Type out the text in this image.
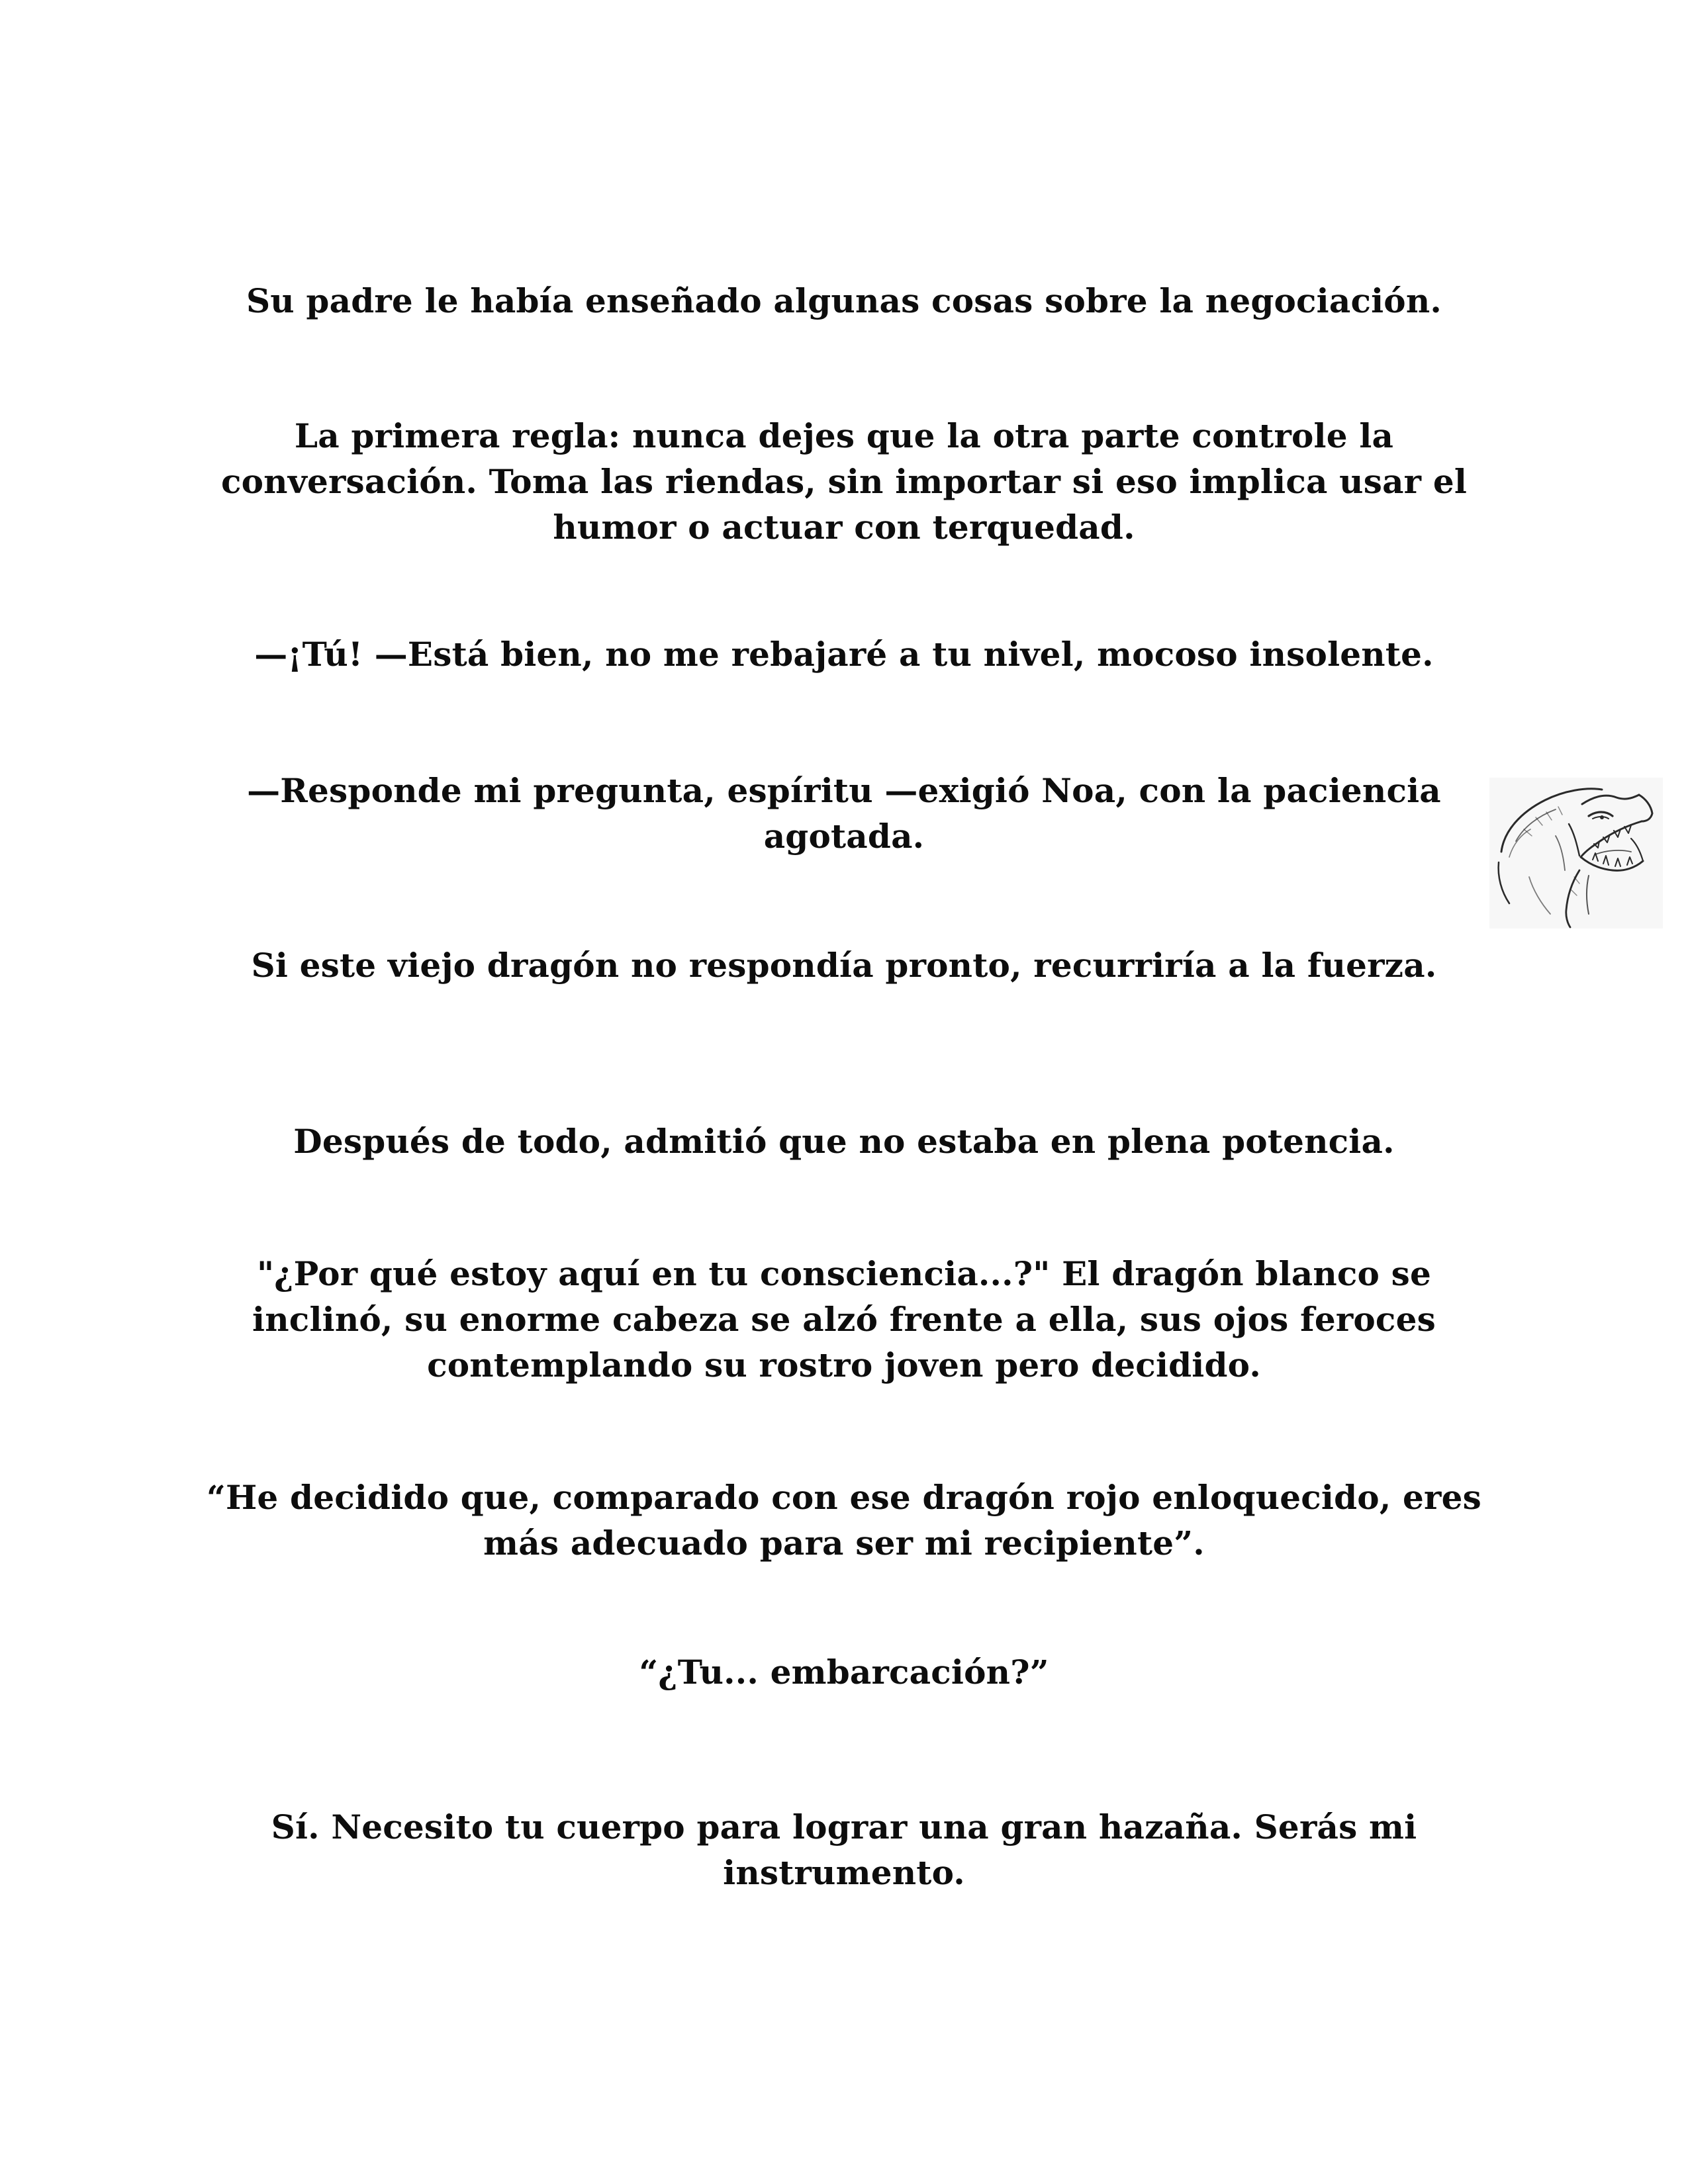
Su padre le había enseñado algunas cosas sobre la negociación.

La primera regla: nunca dejes que la otra parte controle la conversación. Toma las riendas, sin importar si eso implica usar el humor o actuar con terquedad.

—¡Tú! —Está bien, no me rebajaré a tu nivel, mocoso insolente.

—Responde mi pregunta, espíritu —exigió Noa, con la paciencia agotada.

Si este viejo dragón no respondía pronto, recurriría a la fuerza.

Después de todo, admitió que no estaba en plena potencia.

"¿Por qué estoy aquí en tu consciencia...?" El dragón blanco se inclinó, su enorme cabeza se alzó frente a ella, sus ojos feroces contemplando su rostro joven pero decidido.

“He decidido que, comparado con ese dragón rojo enloquecido, eres más adecuado para ser mi recipiente”.

“¿Tu... embarcación?”

Sí. Necesito tu cuerpo para lograr una gran hazaña. Serás mi instrumento.
